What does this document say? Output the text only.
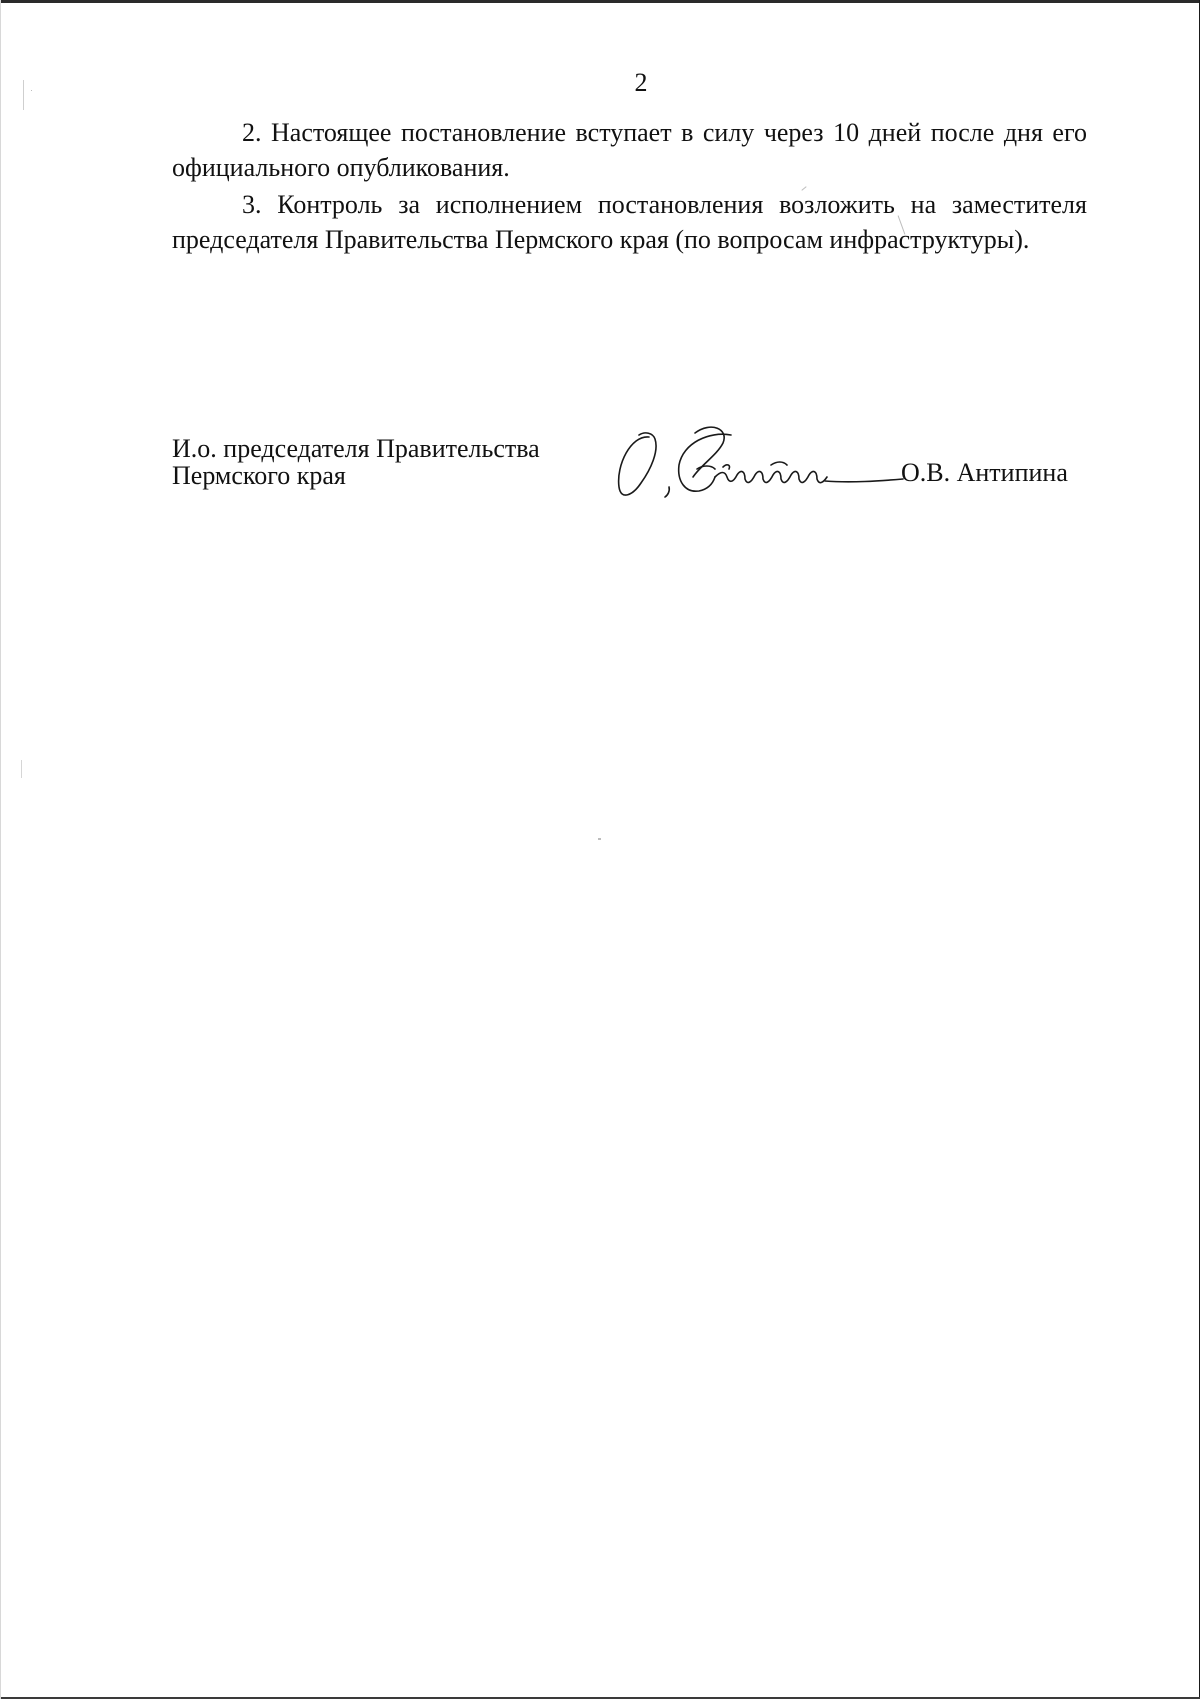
2

2. Настоящее постановление вступает в силу через 10 дней после дня его официального опубликования.

3. Контроль за исполнением постановления возложить на заместителя председателя Правительства Пермского края (по вопросам инфраструктуры).

И.о. председателя Правительства
Пермского края	О.В. Антипина
